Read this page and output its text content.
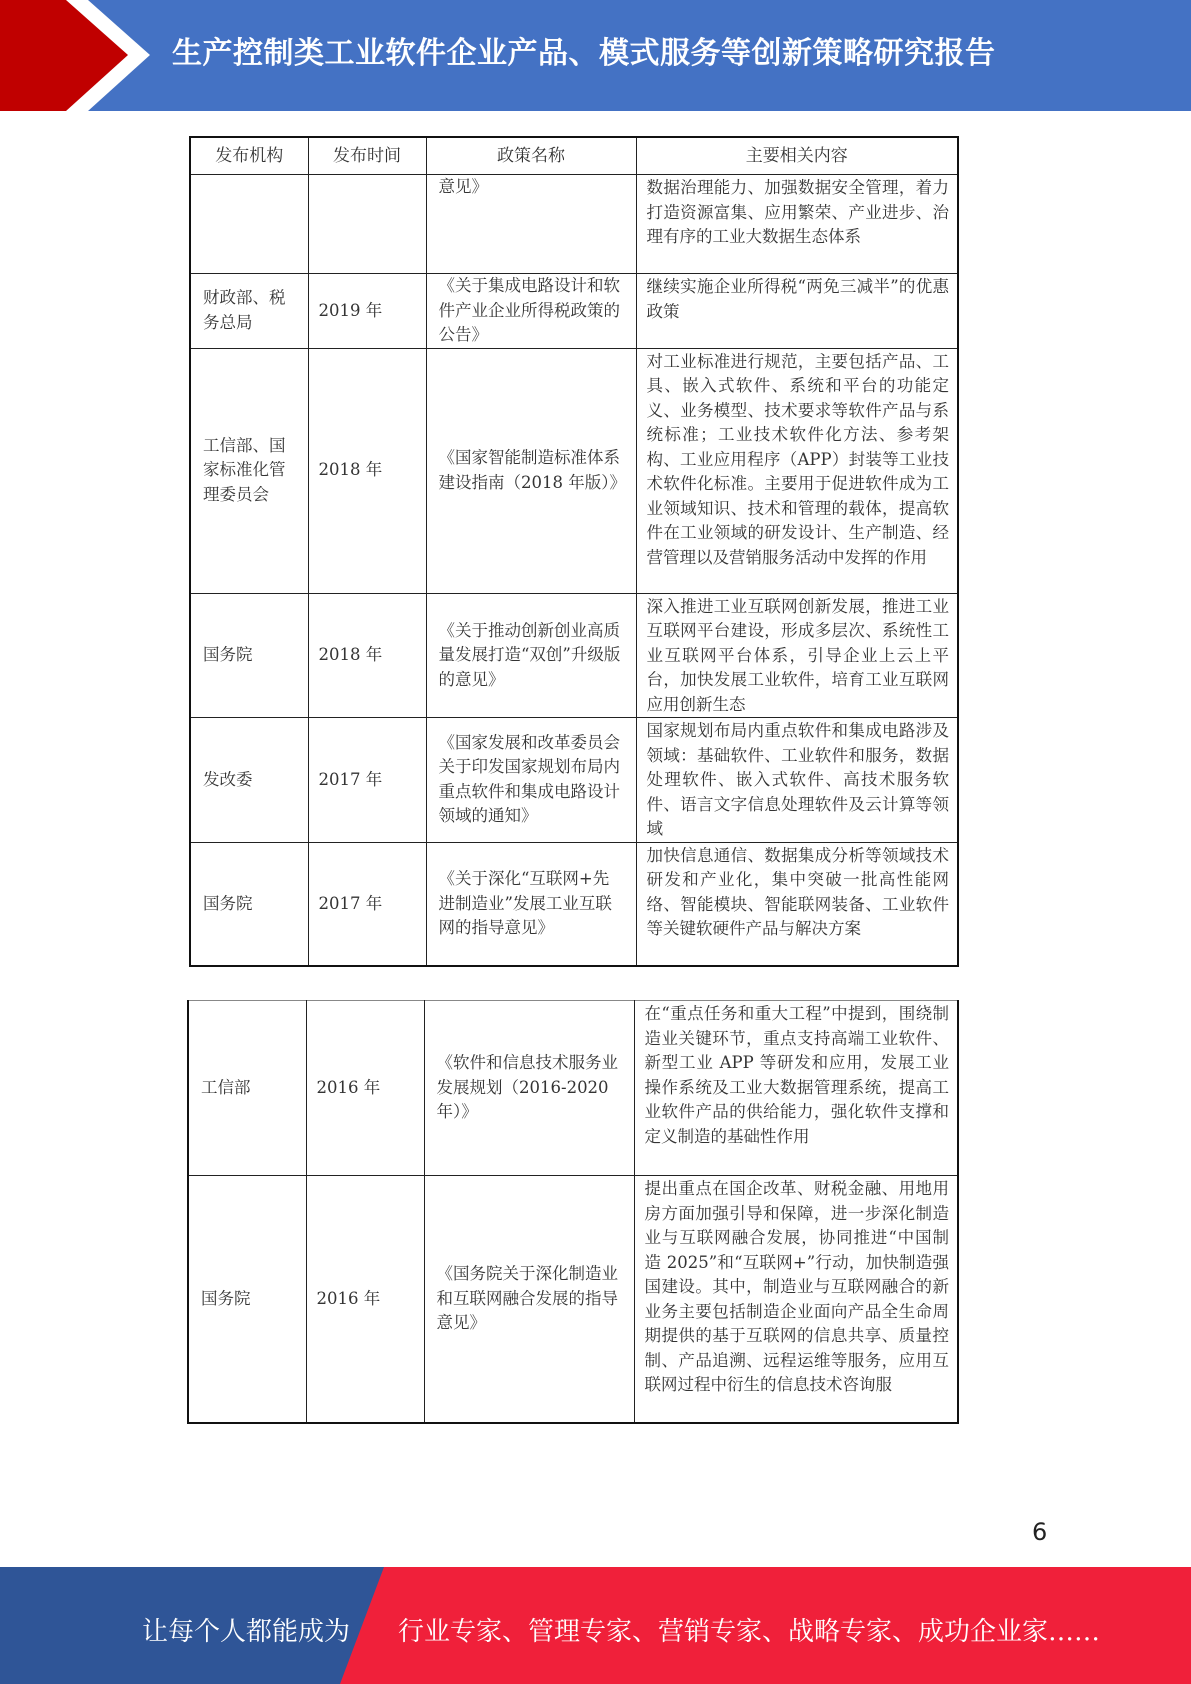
生产控制类工业软件企业产品、模式服务等创新策略研究报告
发布机构	发布时间	政策名称	主要相关内容
		意见》	数据治理能力、加强数据安全管理，着力打造资源富集、应用繁荣、产业进步、治理有序的工业大数据生态体系
财政部、税务总局	2019 年	《关于集成电路设计和软件产业企业所得税政策的公告》	继续实施企业所得税“两免三减半”的优惠政策
工信部、国家标准化管理委员会	2018 年	《国家智能制造标准体系建设指南（2018 年版）》	对工业标准进行规范，主要包括产品、工具、嵌入式软件、系统和平台的功能定义、业务模型、技术要求等软件产品与系统标准；工业技术软件化方法、参考架构、工业应用程序（APP）封装等工业技术软件化标准。主要用于促进软件成为工业领域知识、技术和管理的载体，提高软件在工业领域的研发设计、生产制造、经营管理以及营销服务活动中发挥的作用
国务院	2018 年	《关于推动创新创业高质量发展打造“双创”升级版的意见》	深入推进工业互联网创新发展，推进工业互联网平台建设，形成多层次、系统性工业互联网平台体系，引导企业上云上平台，加快发展工业软件，培育工业互联网应用创新生态
发改委	2017 年	《国家发展和改革委员会关于印发国家规划布局内重点软件和集成电路设计领域的通知》	国家规划布局内重点软件和集成电路涉及领域：基础软件、工业软件和服务，数据处理软件、嵌入式软件、高技术服务软件、语言文字信息处理软件及云计算等领域
国务院	2017 年	《关于深化“互联网+先进制造业”发展工业互联网的指导意见》	加快信息通信、数据集成分析等领域技术研发和产业化，集中突破一批高性能网络、智能模块、智能联网装备、工业软件等关键软硬件产品与解决方案
工信部	2016 年	《软件和信息技术服务业发展规划（2016-2020 年）》	在“重点任务和重大工程”中提到，围绕制造业关键环节，重点支持高端工业软件、新型工业 APP 等研发和应用，发展工业操作系统及工业大数据管理系统，提高工业软件产品的供给能力，强化软件支撑和定义制造的基础性作用
国务院	2016 年	《国务院关于深化制造业和互联网融合发展的指导意见》	提出重点在国企改革、财税金融、用地用房方面加强引导和保障，进一步深化制造业与互联网融合发展，协同推进“中国制造 2025”和“互联网+”行动，加快制造强国建设。其中，制造业与互联网融合的新业务主要包括制造企业面向产品全生命周期提供的基于互联网的信息共享、质量控制、产品追溯、远程运维等服务，应用互联网过程中衍生的信息技术咨询服
6
让每个人都能成为 行业专家、管理专家、营销专家、战略专家、成功企业家……
